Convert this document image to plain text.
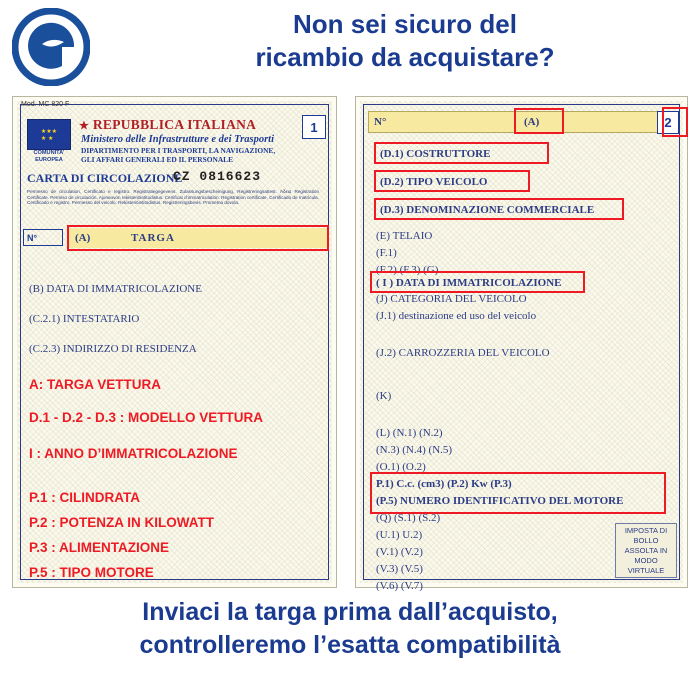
Non sei sicuro del
ricambio da acquistare?
Mod. MC 820 F
★★★
★ ★
COMUNITA’ EUROPEA
★ REPUBBLICA ITALIANA
Ministero delle Infrastrutture e dei Trasporti
DIPARTIMENTO PER I TRASPORTI, LA NAVIGAZIONE,
GLI AFFARI GENERALI ED IL PERSONALE
1
CARTA DI CIRCOLAZIONE
CZ 0816623
Permesso de circulation, Certificato e registro. Registratiegegevens. Zulassungsbescheinigung. Registreringsattest. Άδεια Registration Certificate. Permiso de circulación. Ajoneuvon rekisteriöintitodistus. Certificat d’immatriculation. Registration certificate. Certificado de matrícula. Certificado e registro. Permesso del veicolo. Rekisteriöintitodistus. Registreringsbevis. Prometna dovola.
N°	(A)	TARGA
(B) DATA DI IMMATRICOLAZIONE
(C.2.1) INTESTATARIO
(C.2.3) INDIRIZZO DI RESIDENZA
A: TARGA VETTURA
D.1 - D.2 - D.3 : MODELLO VETTURA
I : ANNO D’IMMATRICOLAZIONE
P.1 : CILINDRATA
P.2 : POTENZA IN KILOWATT
P.3 : ALIMENTAZIONE
P.5 : TIPO MOTORE
N°	(A)	2
(D.1) COSTRUTTORE
(D.2) TIPO VEICOLO
(D.3) DENOMINAZIONE COMMERCIALE
(E) TELAIO
(F.1)
(F.2) (F.3) (G)
( I ) DATA DI IMMATRICOLAZIONE
(J) CATEGORIA DEL VEICOLO
(J.1) destinazione ed uso del veicolo
(J.2) CARROZZERIA DEL VEICOLO
(K)
(L) (N.1) (N.2)
(N.3) (N.4) (N.5)
(O.1) (O.2)
P.1) C.c. (cm3) (P.2) Kw (P.3)
(P.5) NUMERO IDENTIFICATIVO DEL MOTORE
(Q) (S.1) (S.2)
(U.1) U.2)
(V.1) (V.2)
(V.3) (V.5)
(V.6) (V.7)
IMPOSTA DI BOLLO ASSOLTA IN MODO VIRTUALE
Inviaci la targa prima dall’acquisto,
controlleremo l’esatta compatibilità
